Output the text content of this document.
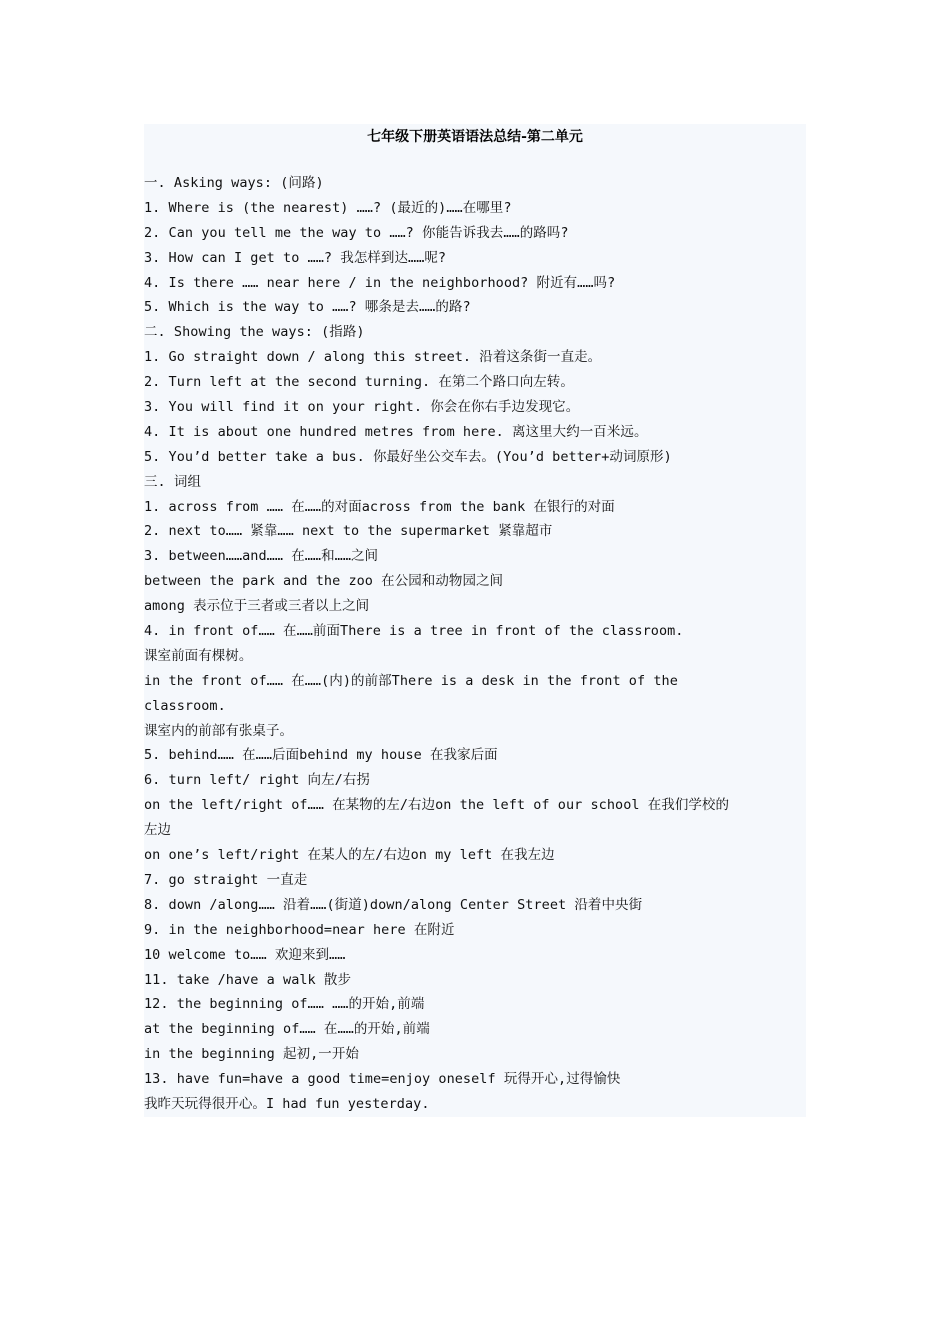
七年级下册英语语法总结-第二单元
一. Asking ways: (问路)
1. Where is (the nearest) ……? (最近的)……在哪里?
2. Can you tell me the way to ……? 你能告诉我去……的路吗?
3. How can I get to ……? 我怎样到达……呢?
4. Is there …… near here / in the neighborhood? 附近有……吗?
5. Which is the way to ……? 哪条是去……的路?
二. Showing the ways: (指路)
1. Go straight down / along this street. 沿着这条街一直走。
2. Turn left at the second turning. 在第二个路口向左转。
3. You will find it on your right. 你会在你右手边发现它。
4. It is about one hundred metres from here. 离这里大约一百米远。
5. You’d better take a bus. 你最好坐公交车去。(You’d better+动词原形)
三. 词组
1. across from …… 在……的对面across from the bank 在银行的对面
2. next to…… 紧靠…… next to the supermarket 紧靠超市
3. between……and…… 在……和……之间
between the park and the zoo 在公园和动物园之间
among 表示位于三者或三者以上之间
4. in front of…… 在……前面There is a tree in front of the classroom.
课室前面有棵树。
in the front of…… 在……(内)的前部There is a desk in the front of the
classroom.
课室内的前部有张桌子。
5. behind…… 在……后面behind my house 在我家后面
6. turn left/ right 向左/右拐
on the left/right of…… 在某物的左/右边on the left of our school 在我们学校的
左边
on one’s left/right 在某人的左/右边on my left 在我左边
7. go straight 一直走
8. down /along…… 沿着……(街道)down/along Center Street 沿着中央街
9. in the neighborhood=near here 在附近
10 welcome to…… 欢迎来到……
11. take /have a walk 散步
12. the beginning of…… ……的开始,前端
at the beginning of…… 在……的开始,前端
in the beginning 起初,一开始
13. have fun=have a good time=enjoy oneself 玩得开心,过得愉快
我昨天玩得很开心。I had fun yesterday.
